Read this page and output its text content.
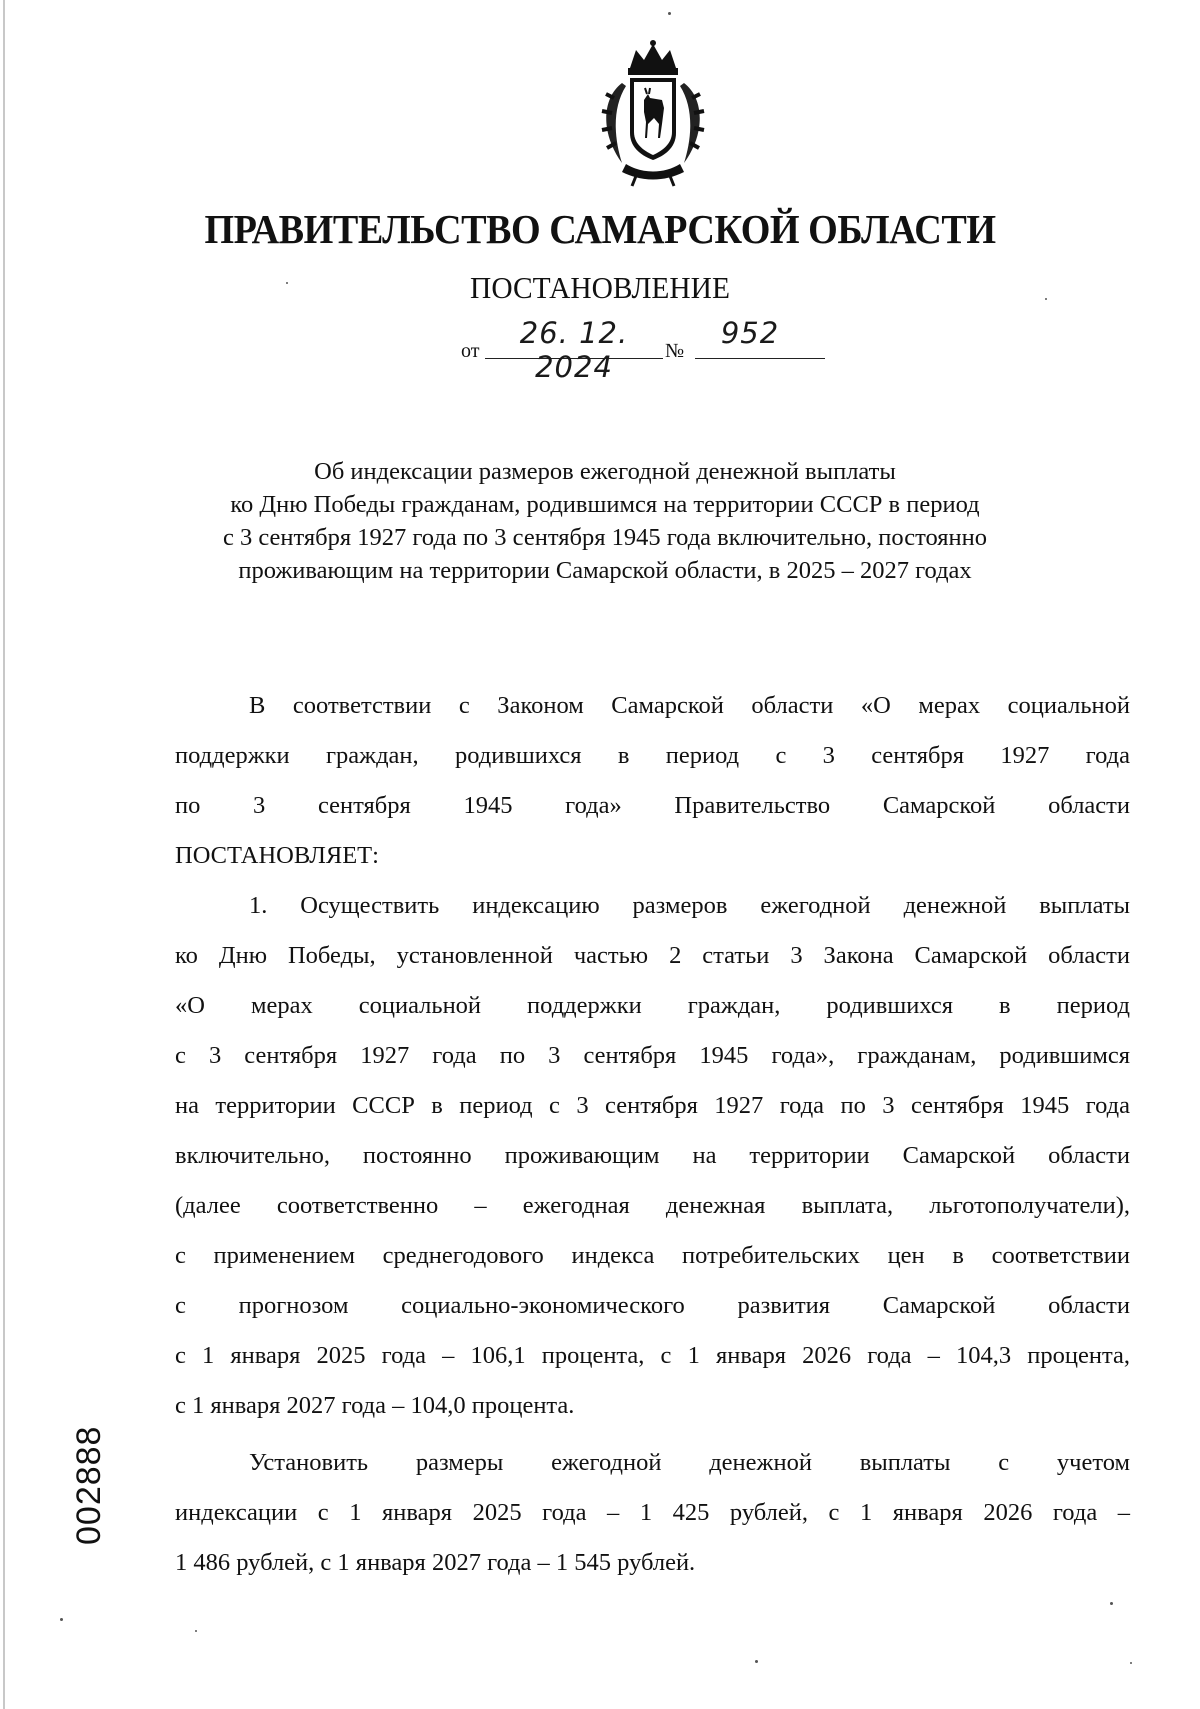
ПРАВИТЕЛЬСТВО САМАРСКОЙ ОБЛАСТИ
ПОСТАНОВЛЕНИЕ
от
26. 12. 2024	№
952
Об индексации размеров ежегодной денежной выплаты
ко Дню Победы гражданам, родившимся на территории СССР в период
с 3 сентября 1927 года по 3 сентября 1945 года включительно, постоянно
проживающим на территории Самарской области, в 2025 – 2027 годах
В соответствии с Законом Самарской области «О мерах социальной
поддержки граждан, родившихся в период с 3 сентября 1927 года
по 3 сентября 1945 года» Правительство Самарской области
ПОСТАНОВЛЯЕТ:
1. Осуществить индексацию размеров ежегодной денежной выплаты
ко Дню Победы, установленной частью 2 статьи 3 Закона Самарской области
«О мерах социальной поддержки граждан, родившихся в период
с 3 сентября 1927 года по 3 сентября 1945 года», гражданам, родившимся
на территории СССР в период с 3 сентября 1927 года по 3 сентября 1945 года
включительно, постоянно проживающим на территории Самарской области
(далее соответственно – ежегодная денежная выплата, льготополучатели),
с применением среднегодового индекса потребительских цен в соответствии
с прогнозом социально-экономического развития Самарской области
с 1 января 2025 года – 106,1 процента, с 1 января 2026 года – 104,3 процента,
с 1 января 2027 года – 104,0 процента.
Установить размеры ежегодной денежной выплаты с учетом
индексации с 1 января 2025 года – 1 425 рублей, с 1 января 2026 года –
1 486 рублей, с 1 января 2027 года – 1 545 рублей.
002888
